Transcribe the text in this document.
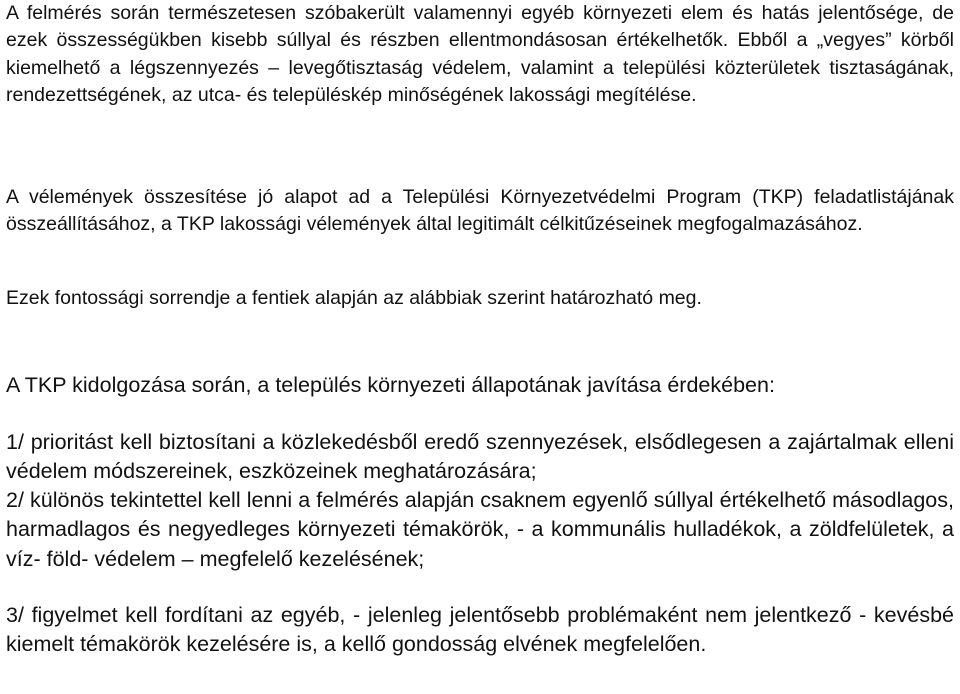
A felmérés során természetesen szóbakerült valamennyi egyéb környezeti elem és hatás jelentősége, de ezek összességükben kisebb súllyal és részben ellentmondásosan értékelhetők. Ebből a „vegyes” körből kiemelhető a légszennyezés – levegőtisztaság védelem, valamint a települési közterületek tisztaságának, rendezettségének, az utca- és településkép minőségének lakossági megítélése.

A vélemények összesítése jó alapot ad a Települési Környezetvédelmi Program (TKP) feladatlistájának összeállításához, a TKP lakossági vélemények által legitimált célkitűzéseinek megfogalmazásához.

Ezek fontossági sorrendje a fentiek alapján az alábbiak szerint határozható meg.

A TKP kidolgozása során, a település környezeti állapotának javítása érdekében:

1/ prioritást kell biztosítani a közlekedésből eredő szennyezések, elsődlegesen a zajártalmak elleni védelem módszereinek, eszközeinek meghatározására;

2/ különös tekintettel kell lenni a felmérés alapján csaknem egyenlő súllyal értékelhető másodlagos, harmadlagos és negyedleges környezeti témakörök, - a kommunális hulladékok, a zöldfelületek, a víz- föld- védelem – megfelelő kezelésének;

3/ figyelmet kell fordítani az egyéb, - jelenleg jelentősebb problémaként nem jelentkező - kevésbé kiemelt témakörök kezelésére is, a kellő gondosság elvének megfelelően.
